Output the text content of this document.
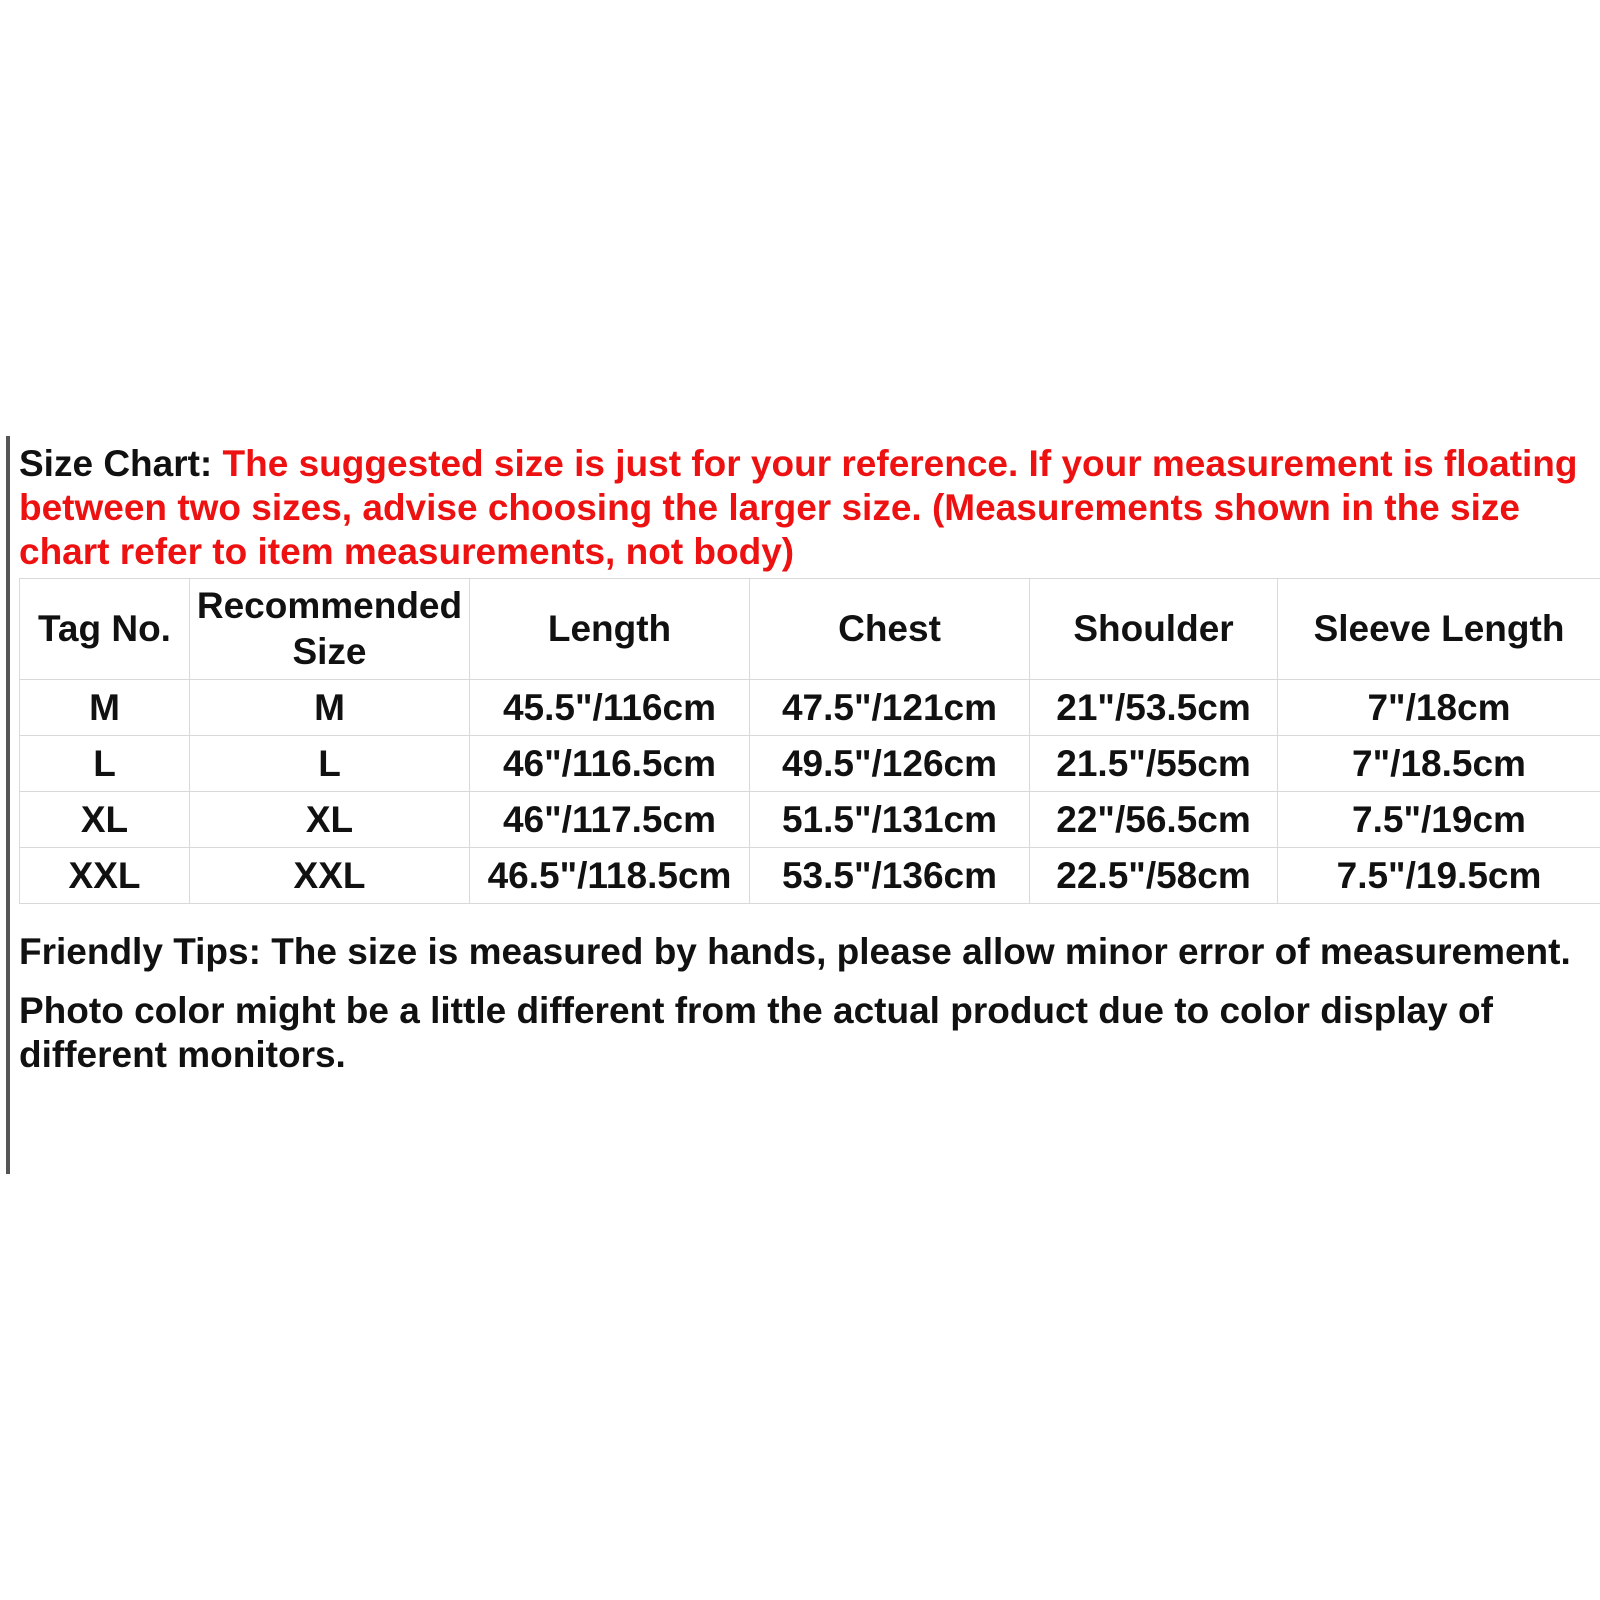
Size Chart: The suggested size is just for your reference. If your measurement is floating between two sizes, advise choosing the larger size. (Measurements shown in the size chart refer to item measurements, not body)

Tag No.	Recommended Size	Length	Chest	Shoulder	Sleeve Length
M	M	45.5"/116cm	47.5"/121cm	21"/53.5cm	7"/18cm
L	L	46"/116.5cm	49.5"/126cm	21.5"/55cm	7"/18.5cm
XL	XL	46"/117.5cm	51.5"/131cm	22"/56.5cm	7.5"/19cm
XXL	XXL	46.5"/118.5cm	53.5"/136cm	22.5"/58cm	7.5"/19.5cm

Friendly Tips: The size is measured by hands, please allow minor error of measurement.

Photo color might be a little different from the actual product due to color display of different monitors.
